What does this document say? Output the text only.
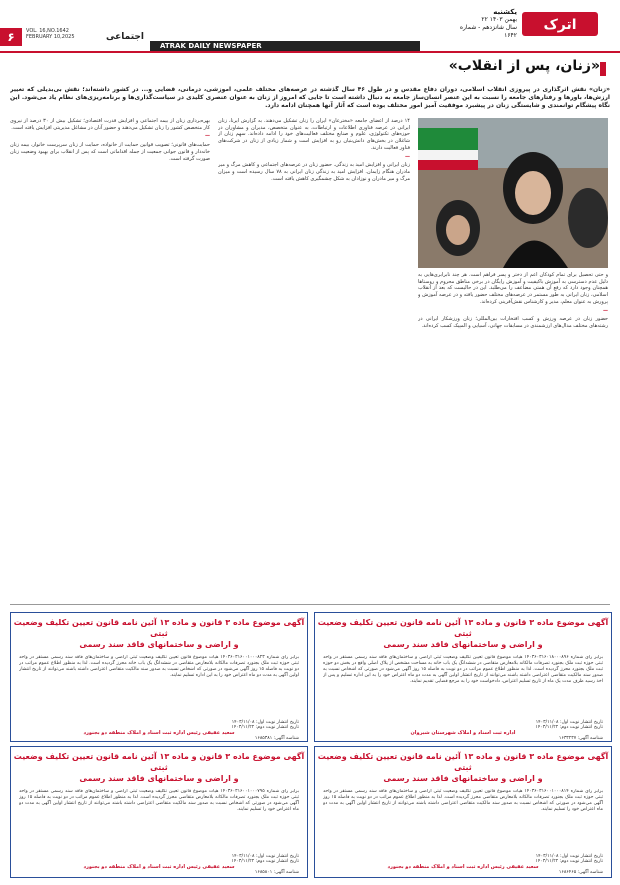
۶	VOL. 16,NO.1642
FEBRUARY 10,2025	اجتماعی
ATRAK DAILY NEWSPAPER
یکشنبه
۲۲ بهمن ۱۴۰۳
سال شانزدهم - شماره ۱۶۴۲
اترک
«زنان، پس از انقلاب»
«زنان» نقش اثرگذاری در پیروزی انقلاب اسلامی، دوران دفاع مقدس و در طول ۴۶ سال گذشته در عرصه‌های مختلف علمی، آموزشی، درمانی، قضایی و... در کشور داشته‌اند؛ نقش بی‌بدیلی که تغییر ارزش‌ها، باورها و رفتارهای جامعه را نسبت به این عنصر انسان‌ساز جامعه به دنبال داشته است تا جایی که امروز از زنان به عنوان عنصری کلیدی در سیاست‌گذاری‌ها و برنامه‌ریزی‌های نظام یاد می‌شود. این نگاه پیشگام توانمندی و شایستگی زنان در پیشبرد موفقیت آمیز امور مختلف بوده است که آثار آنها همچنان ادامه دارد.
و حتی تحصیل برای تمام کودکان اعم از دختر و پسر فراهم است. هر چند نابرابری‌هایی به دلیل عدم دسترسی به آموزش باکیفیت و آموزش رایگان در برخی مناطق محروم و روستاها همچنان وجود دارد که رفع آن همتی مضاعف را می‌طلبد. این در حالیست که بعد از انقلاب اسلامی، زنان ایرانی به طور مستمر در عرصه‌های مختلف حضور یافته و در عرصه آموزش و پرورش به عنوان معلم، مدیر و کارشناس نقش‌آفرینی کرده‌اند.
—
حضور زنان در عرصه ورزش و کسب افتخارات بین‌المللی؛ زنان ورزشکار ایرانی در رشته‌های مختلف مدال‌های ارزشمندی در مسابقات جهانی، آسیایی و المپیک کسب کرده‌اند.
۱۴ درصد از اعضای جامعه «مخترعان» ایران را زنان تشکیل می‌دهند. به گزارش ایرنا، زنان ایرانی در عرصه فناوری اطلاعات و ارتباطات، به عنوان متخصص، مدیران و مشاوران در حوزه‌های تکنولوژی، علوم و صنایع مختلف فعالیت‌های خود را ادامه داده‌اند. سهم زنان از شاغلان در بخش‌های دانش‌بنیان رو به افزایش است و شمار زیادی از زنان در شرکت‌های فناور فعالیت دارند.
—
زنان ایرانی و افزایش امید به زندگی. حضور زنان در عرصه‌های اجتماعی و کاهش مرگ و میر مادران هنگام زایمان. افزایش امید به زندگی زنان ایرانی به ۷۸ سال رسیده است و میزان مرگ و میر مادران و نوزادان به شکل چشمگیری کاهش یافته است.
بهره‌برداری زنان از بیمه اجتماعی و افزایش قدرت اقتصادی؛ تشکیل بیش از ۳۰ درصد از نیروی کار متخصص کشور را زنان تشکیل می‌دهند و حضور آنان در مشاغل مدیریتی افزایش یافته است.
—
حمایت‌های قانونی؛ تصویب قوانین حمایت از خانواده، حمایت از زنان سرپرست خانوار، بیمه زنان خانه‌دار و قانون جوانی جمعیت از جمله اقداماتی است که پس از انقلاب برای بهبود وضعیت زنان صورت گرفته است.
آگهی موضوع ماده ۳ قانون و ماده ۱۳ آئین نامه قانون تعیین تکلیف وضعیت ثبتی
و اراضی و ساختمانهای فاقد سند رسمی
برابر رای شماره ۱۴۰۳۶۰۳۱۶۰۱۸۰۰۰۸۹۶ هیات موضوع قانون تعیین تکلیف وضعیت ثبتی اراضی و ساختمان‌های فاقد سند رسمی مستقر در واحد ثبتی حوزه ثبت ملک بجنورد تصرفات مالکانه بلامعارض متقاضی در ششدانگ یک باب خانه به مساحت مشخص از پلاک اصلی واقع در بخش دو حوزه ثبت ملک بجنورد محرز گردیده است. لذا به منظور اطلاع عموم مراتب در دو نوبت به فاصله ۱۵ روز آگهی می‌شود در صورتی که اشخاص نسبت به صدور سند مالکیت متقاضی اعتراضی داشته باشند می‌توانند از تاریخ انتشار اولین آگهی به مدت دو ماه اعتراض خود را به این اداره تسلیم و پس از اخذ رسید ظرف مدت یک ماه از تاریخ تسلیم اعتراض، دادخواست خود را به مرجع قضایی تقدیم نمایند.
تاریخ انتشار نوبت اول: ۱۴۰۳/۱۱/۰۸
تاریخ انتشار نوبت دوم: ۱۴۰۳/۱۱/۲۲
اداره ثبت اسناد و املاک شهرستان شیروان
شناسه آگهی: ۱۶۳۳۲۳۷
آگهی موضوع ماده ۳ قانون و ماده ۱۳ آئین نامه قانون تعیین تکلیف وضعیت ثبتی
و اراضی و ساختمانهای فاقد سند رسمی
برابر رای شماره ۱۴۰۳۶۰۳۱۶۰۰۱۰۰۰۸۲۳ هیات موضوع قانون تعیین تکلیف وضعیت ثبتی اراضی و ساختمان‌های فاقد سند رسمی مستقر در واحد ثبتی حوزه ثبت ملک بجنورد تصرفات مالکانه بلامعارض متقاضی در ششدانگ یک باب خانه محرز گردیده است. لذا به منظور اطلاع عموم مراتب در دو نوبت به فاصله ۱۵ روز آگهی می‌شود در صورتی که اشخاص نسبت به صدور سند مالکیت متقاضی اعتراضی داشته باشند می‌توانند از تاریخ انتشار اولین آگهی به مدت دو ماه اعتراض خود را به این اداره تسلیم نمایند.
تاریخ انتشار نوبت اول: ۱۴۰۳/۱۱/۰۸
تاریخ انتشار نوبت دوم: ۱۴۰۳/۱۱/۲۲
سعید عقیقی رئیس اداره ثبت اسناد و املاک منطقه دو بجنورد
شناسه آگهی: ۱۶۸۵۳۸۱
آگهی موضوع ماده ۳ قانون و ماده ۱۳ آئین نامه قانون تعیین تکلیف وضعیت ثبتی
و اراضی و ساختمانهای فاقد سند رسمی
برابر رای شماره ۱۴۰۳۶۰۳۱۶۰۰۱۰۰۰۸۱۴ هیات موضوع قانون تعیین تکلیف وضعیت ثبتی اراضی و ساختمان‌های فاقد سند رسمی مستقر در واحد ثبتی حوزه ثبت ملک بجنورد تصرفات مالکانه بلامعارض متقاضی محرز گردیده است. لذا به منظور اطلاع عموم مراتب در دو نوبت به فاصله ۱۵ روز آگهی می‌شود در صورتی که اشخاص نسبت به صدور سند مالکیت متقاضی اعتراضی داشته باشند می‌توانند از تاریخ انتشار اولین آگهی به مدت دو ماه اعتراض خود را تسلیم نمایند.
تاریخ انتشار نوبت اول: ۱۴۰۳/۱۱/۰۸
تاریخ انتشار نوبت دوم: ۱۴۰۳/۱۱/۲۲
سعید عقیقی رئیس اداره ثبت اسناد و املاک منطقه دو بجنورد
شناسه آگهی: ۱۶۸۶۴۶۵
آگهی موضوع ماده ۳ قانون و ماده ۱۳ آئین نامه قانون تعیین تکلیف وضعیت ثبتی
و اراضی و ساختمانهای فاقد سند رسمی
برابر رای شماره ۱۴۰۳۶۰۳۱۶۰۰۱۰۰۰۷۹۵ هیات موضوع قانون تعیین تکلیف وضعیت ثبتی اراضی و ساختمان‌های فاقد سند رسمی مستقر در واحد ثبتی حوزه ثبت ملک بجنورد تصرفات مالکانه بلامعارض متقاضی محرز گردیده است. لذا به منظور اطلاع عموم مراتب در دو نوبت به فاصله ۱۵ روز آگهی می‌شود در صورتی که اشخاص نسبت به صدور سند مالکیت متقاضی اعتراضی داشته باشند می‌توانند از تاریخ انتشار اولین آگهی به مدت دو ماه اعتراض خود را تسلیم نمایند.
تاریخ انتشار نوبت اول: ۱۴۰۳/۱۱/۰۸
تاریخ انتشار نوبت دوم: ۱۴۰۳/۱۱/۲۲
سعید عقیقی رئیس اداره ثبت اسناد و املاک منطقه دو بجنورد
شناسه آگهی: ۱۶۸۵۸۰۱
